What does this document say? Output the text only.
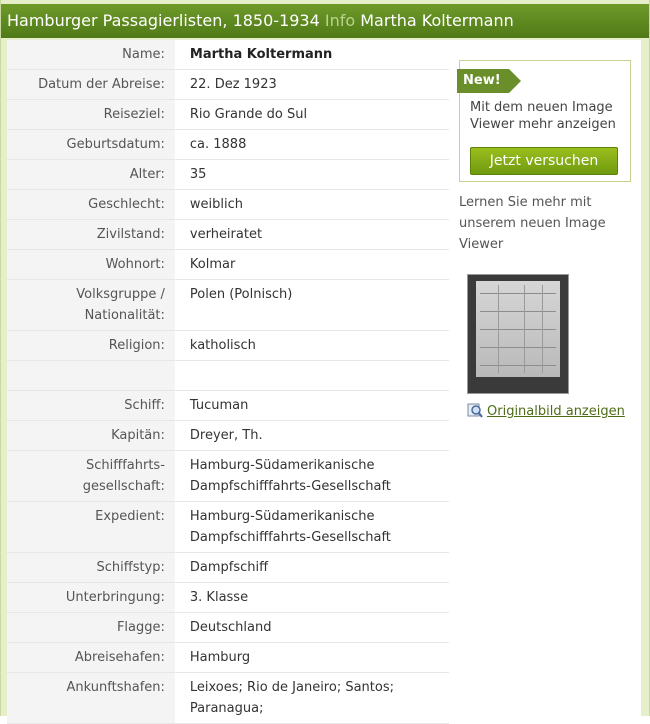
Hamburger Passagierlisten, 1850-1934 Info Martha Koltermann
Name:	Martha Koltermann
Datum der Abreise:	22. Dez 1923
Reiseziel:	Rio Grande do Sul
Geburtsdatum:	ca. 1888
Alter:	35
Geschlecht:	weiblich
Zivilstand:	verheiratet
Wohnort:	Kolmar
Volksgruppe / Nationalität:	Polen (Polnisch)
Religion:	katholisch

Schiff:	Tucuman
Kapitän:	Dreyer, Th.
Schifffahrts-gesellschaft:	Hamburg-Südamerikanische Dampfschifffahrts-Gesellschaft
Expedient:	Hamburg-Südamerikanische Dampfschifffahrts-Gesellschaft
Schiffstyp:	Dampfschiff
Unterbringung:	3. Klasse
Flagge:	Deutschland
Abreisehafen:	Hamburg
Ankunftshafen:	Leixoes; Rio de Janeiro; Santos; Paranagua;
New!
Mit dem neuen Image Viewer mehr anzeigen
Jetzt versuchen
Lernen Sie mehr mit unserem neuen Image Viewer
Originalbild anzeigen
